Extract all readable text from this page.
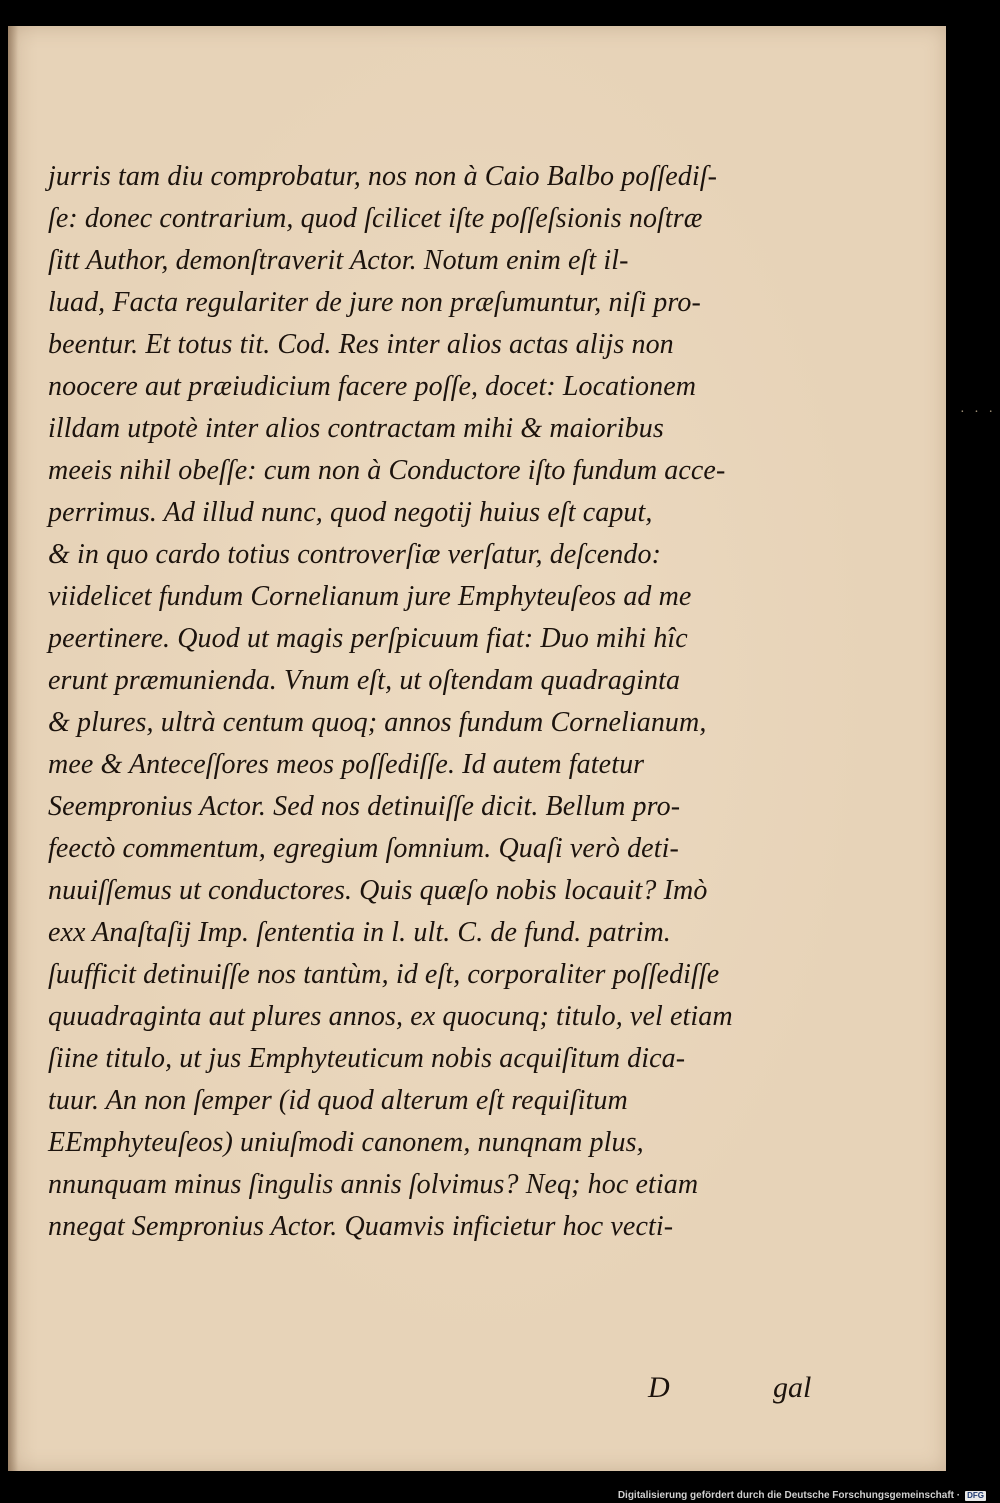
jurris tam diu comprobatur, nos non à Caio Balbo poſſediſ-
ſe: donec contrarium, quod ſcilicet iſte poſſeſsionis noſtræ
ſitt Author, demonſtraverit Actor. Notum enim eſt il-
luad, Facta regulariter de jure non præſumuntur, niſi pro-
beentur. Et totus tit. Cod. Res inter alios actas alijs non
noocere aut præiudicium facere poſſe, docet: Locationem
illdam utpotè inter alios contractam mihi & maioribus
meeis nihil obeſſe: cum non à Conductore iſto fundum acce-
perrimus. Ad illud nunc, quod negotij huius eſt caput,
& in quo cardo totius controverſiæ verſatur, deſcendo:
viidelicet fundum Cornelianum jure Emphyteuſeos ad me
peertinere. Quod ut magis perſpicuum fiat: Duo mihi hîc
erunt præmunienda. Vnum eſt, ut oſtendam quadraginta
& plures, ultrà centum quoq; annos fundum Cornelianum,
mee & Anteceſſores meos poſſediſſe. Id autem fatetur
Seempronius Actor. Sed nos detinuiſſe dicit. Bellum pro-
feectò commentum, egregium ſomnium. Quaſi verò deti-
nuuiſſemus ut conductores. Quis quæſo nobis locauit? Imò
exx Anaſtaſij Imp. ſententia in l. ult. C. de fund. patrim.
ſuufficit detinuiſſe nos tantùm, id eſt, corporaliter poſſediſſe
quuadraginta aut plures annos, ex quocunq; titulo, vel etiam
ſiine titulo, ut jus Emphyteuticum nobis acquiſitum dica-
tuur. An non ſemper (id quod alterum eſt requiſitum
EEmphyteuſeos) uniuſmodi canonem, nunqnam plus,
nnunquam minus ſingulis annis ſolvimus? Neq; hoc etiam
nnegat Sempronius Actor. Quamvis inficietur hoc vecti-
D	gal
· · ·
Digitalisierung gefördert durch die Deutsche Forschungsgemeinschaft · DFG
